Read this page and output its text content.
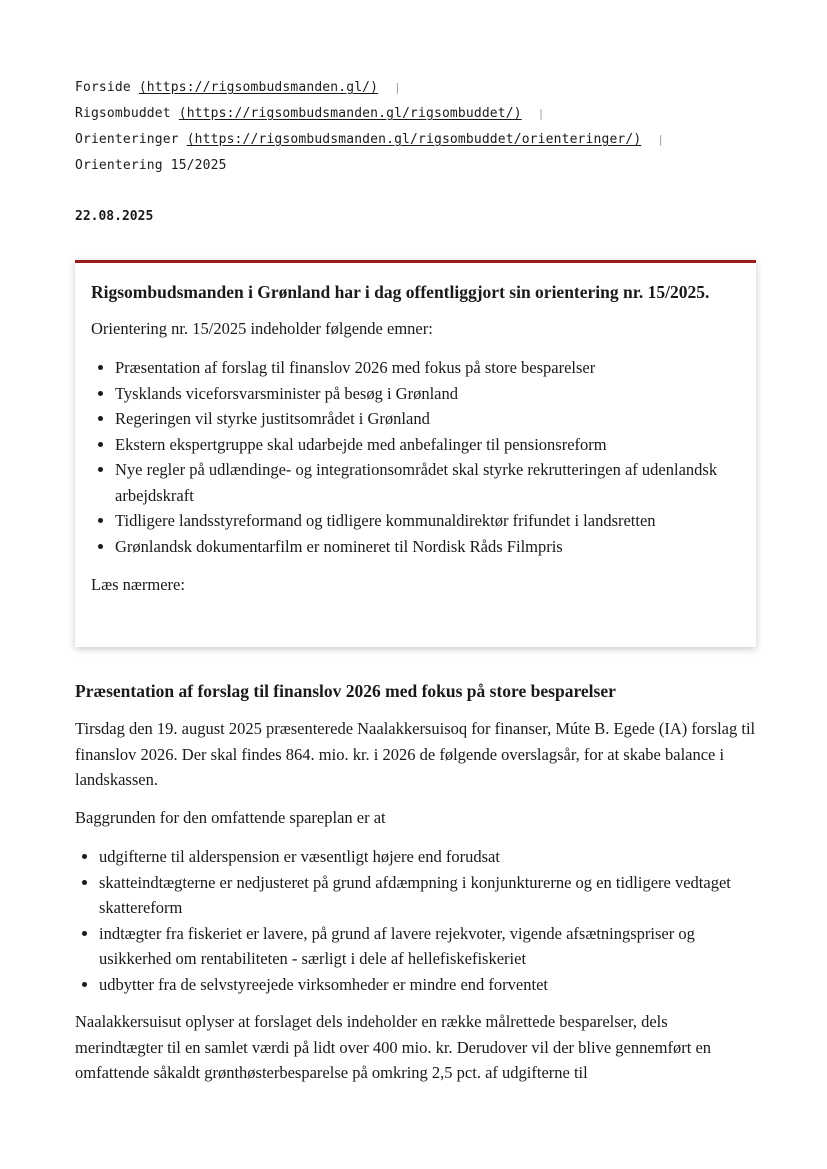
Forside (https://rigsombudsmanden.gl/) |
Rigsombuddet (https://rigsombudsmanden.gl/rigsombuddet/) |
Orienteringer (https://rigsombudsmanden.gl/rigsombuddet/orienteringer/) |
Orientering 15/2025
22.08.2025
Rigsombudsmanden i Grønland har i dag offentliggjort sin orientering nr. 15/2025.

Orientering nr. 15/2025 indeholder følgende emner:

• Præsentation af forslag til finanslov 2026 med fokus på store besparelser
• Tysklands viceforsvarsminister på besøg i Grønland
• Regeringen vil styrke justitsområdet i Grønland
• Ekstern ekspertgruppe skal udarbejde med anbefalinger til pensionsreform
• Nye regler på udlændinge- og integrationsområdet skal styrke rekrutteringen af udenlandsk arbejdskraft
• Tidligere landsstyreformand og tidligere kommunaldirektør frifundet i landsretten
• Grønlandsk dokumentarfilm er nomineret til Nordisk Råds Filmpris

Læs nærmere:

Præsentation af forslag til finanslov 2026 med fokus på store besparelser

Tirsdag den 19. august 2025 præsenterede Naalakkersuisoq for finanser, Múte B. Egede (IA) forslag til finanslov 2026. Der skal findes 864. mio. kr. i 2026 de følgende overslagsår, for at skabe balance i landskassen.

Baggrunden for den omfattende spareplan er at

• udgifterne til alderspension er væsentligt højere end forudsat
• skatteindtægterne er nedjusteret på grund afdæmpning i konjunkturerne og en tidligere vedtaget skattereform
• indtægter fra fiskeriet er lavere, på grund af lavere rejekvoter, vigende afsætningspriser og usikkerhed om rentabiliteten - særligt i dele af hellefiskefiskeriet
• udbytter fra de selvstyreejede virksomheder er mindre end forventet

Naalakkersuisut oplyser at forslaget dels indeholder en række målrettede besparelser, dels merindtægter til en samlet værdi på lidt over 400 mio. kr. Derudover vil der blive gennemført en omfattende såkaldt grønthøsterbesparelse på omkring 2,5 pct. af udgifterne til
